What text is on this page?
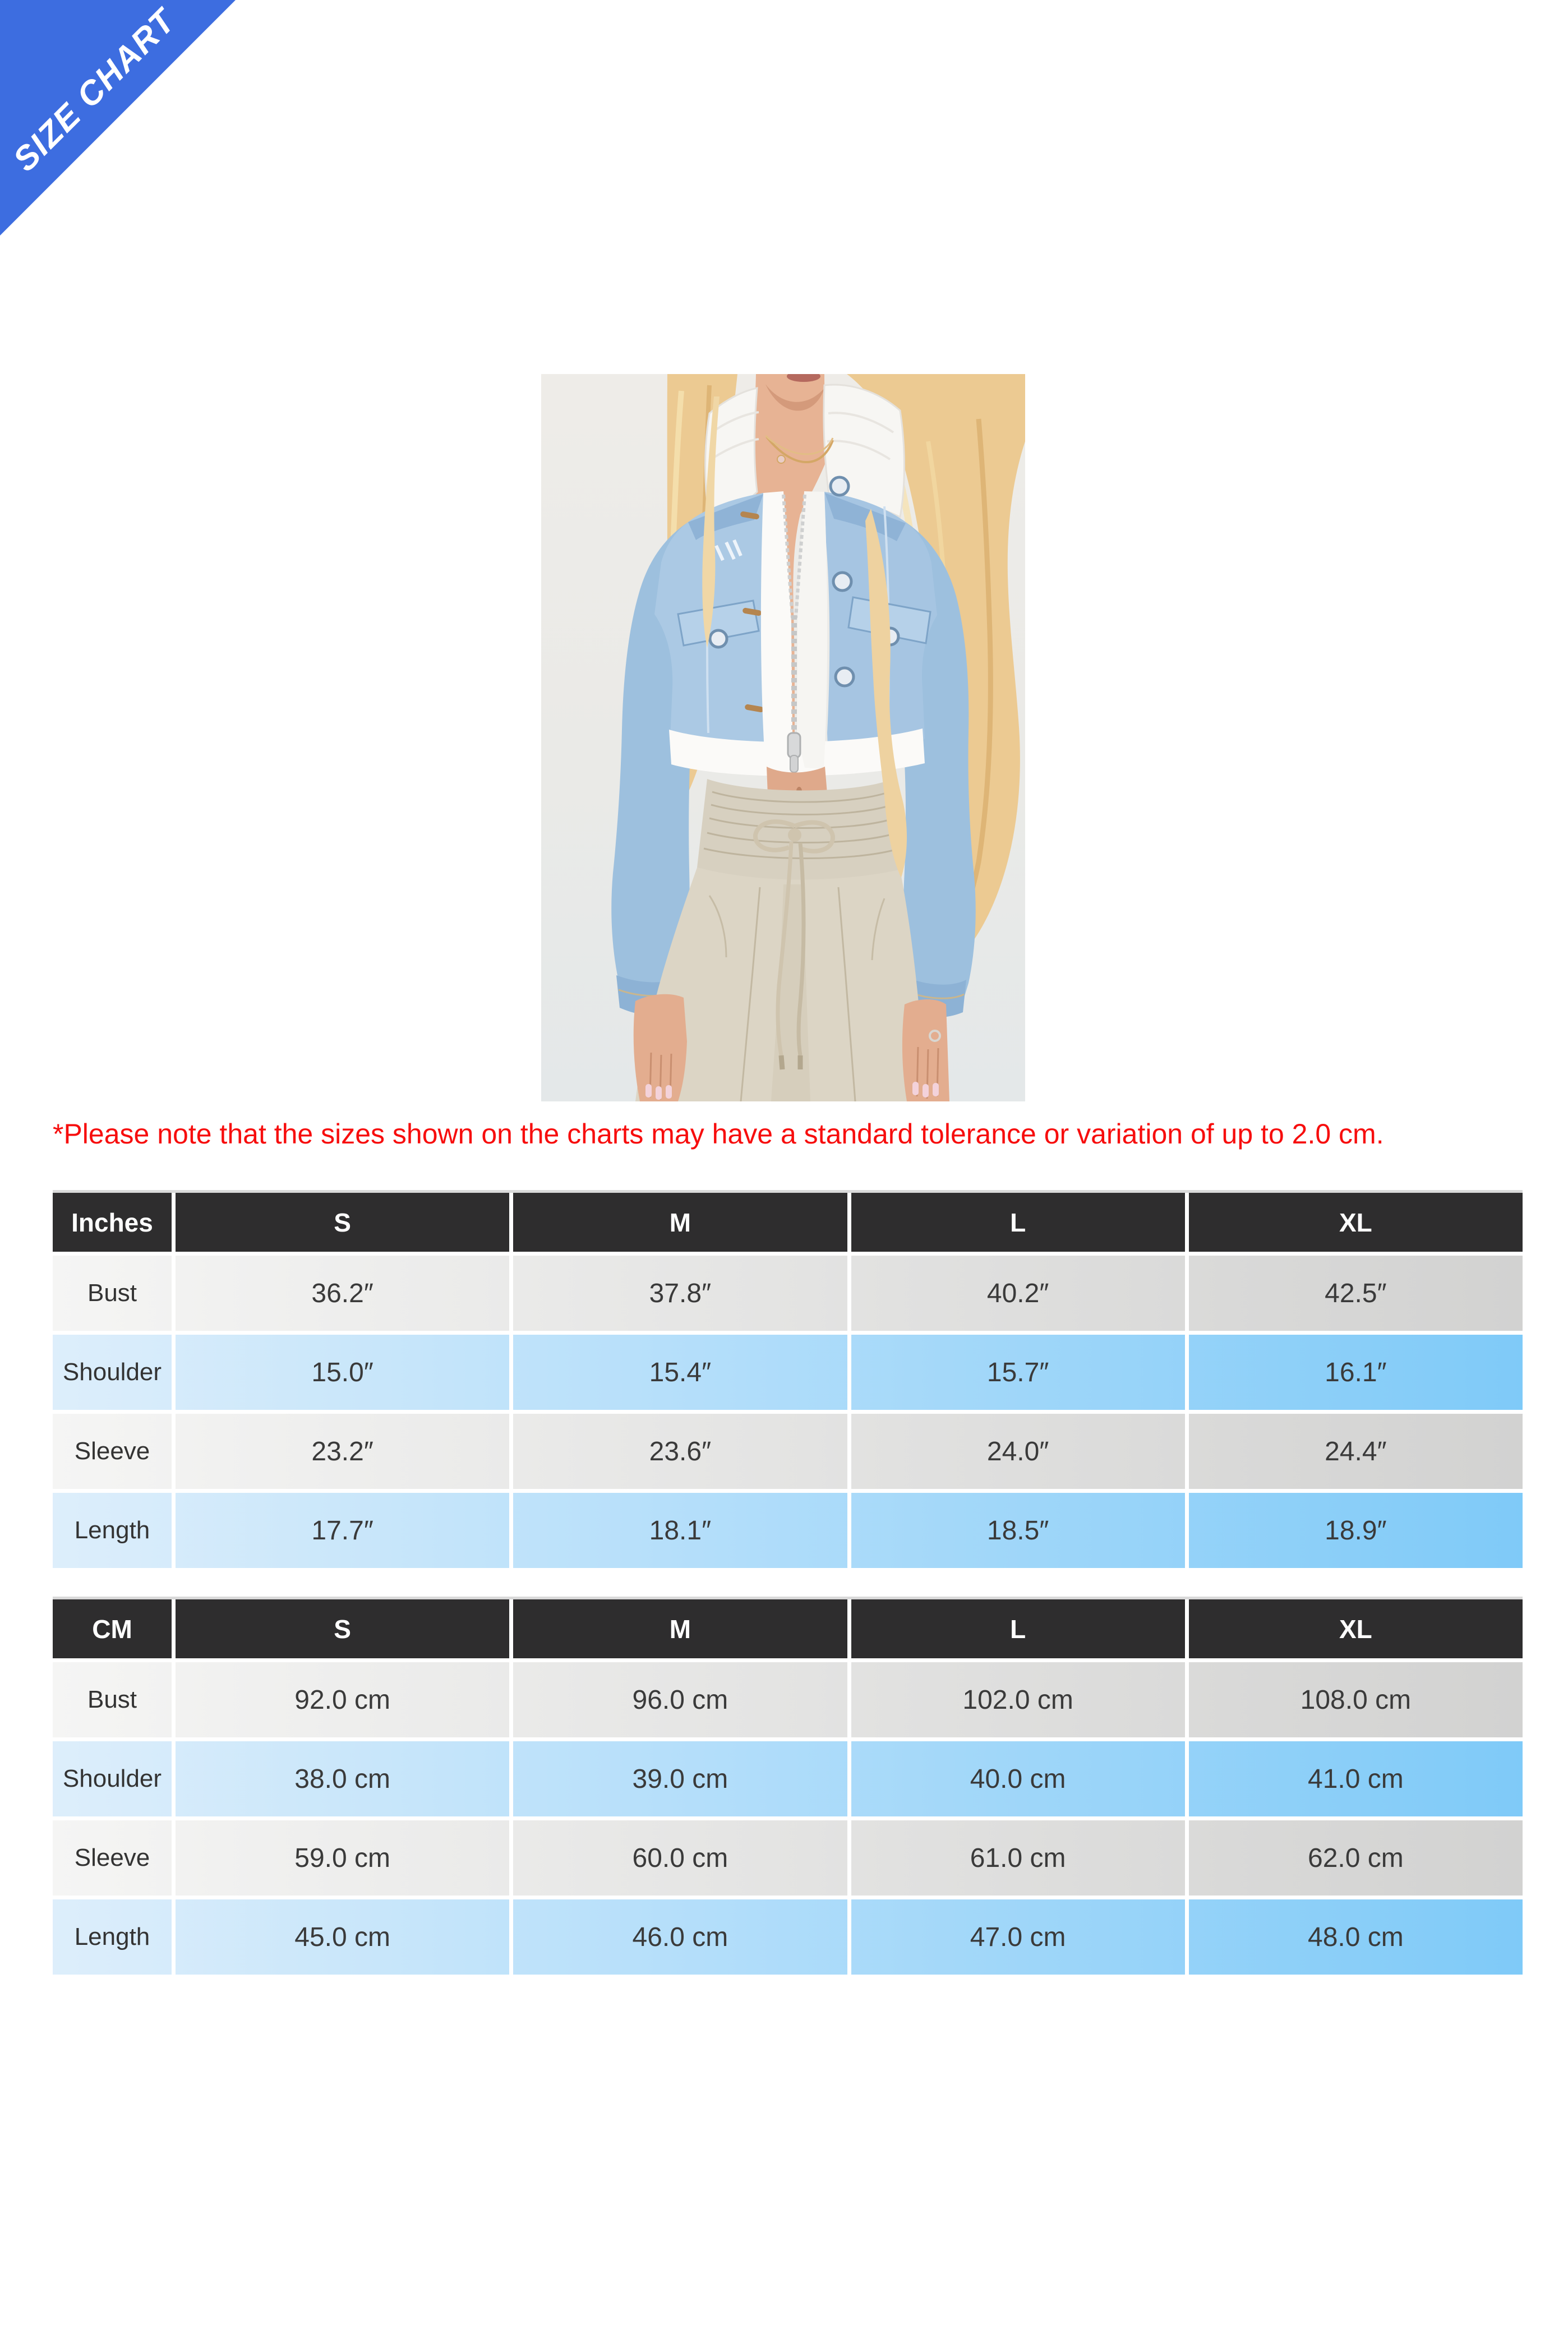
SIZE CHART

*Please note that the sizes shown on the charts may have a standard tolerance or variation of up to 2.0 cm.

Inches	S	M	L	XL
Bust	36.2″	37.8″	40.2″	42.5″
Shoulder	15.0″	15.4″	15.7″	16.1″
Sleeve	23.2″	23.6″	24.0″	24.4″
Length	17.7″	18.1″	18.5″	18.9″
CM	S	M	L	XL
Bust	92.0 cm	96.0 cm	102.0 cm	108.0 cm
Shoulder	38.0 cm	39.0 cm	40.0 cm	41.0 cm
Sleeve	59.0 cm	60.0 cm	61.0 cm	62.0 cm
Length	45.0 cm	46.0 cm	47.0 cm	48.0 cm
